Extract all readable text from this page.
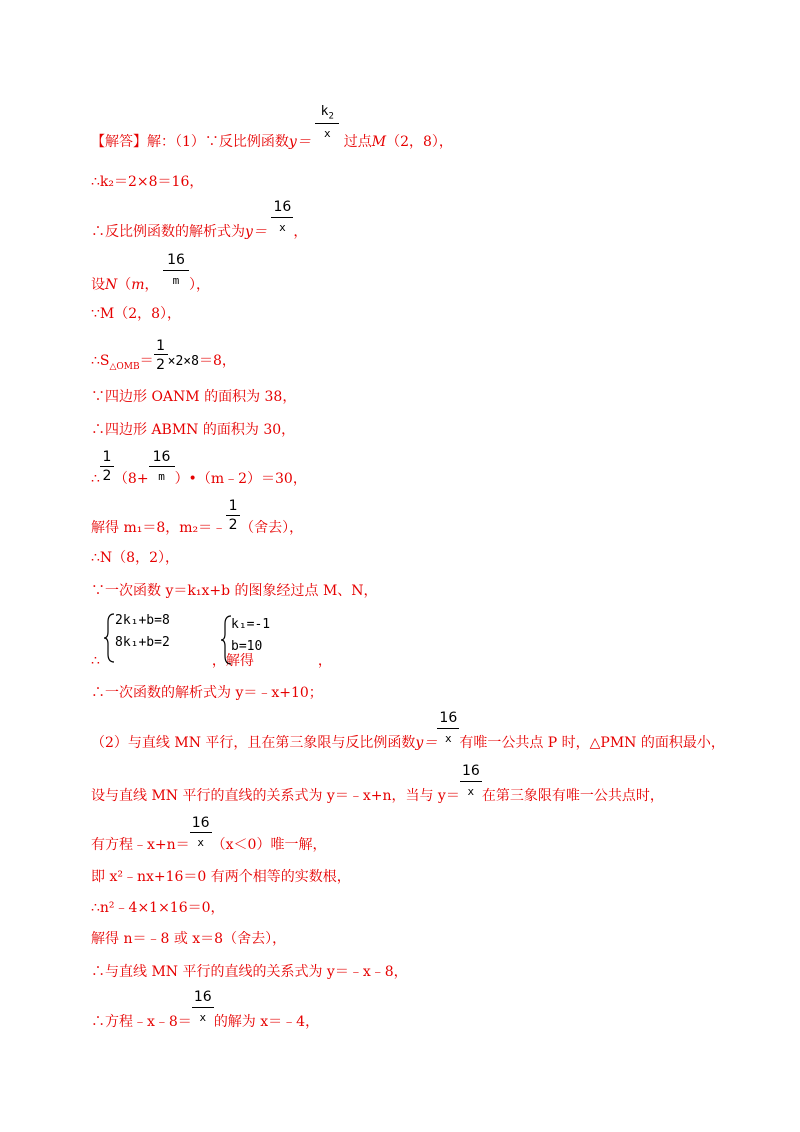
【解答】解：（1）∵反比例函数$y= \frac{k_2}{x}$ 过点M（2，8），
∴k₂＝2×8＝16，
∴反比例函数的解析式为$y= \frac{16}{x}$ ，
设N（m， $\frac{16}{m}$ ），
∵M（2，8），
$\therefore S_{\triangle OMB}= \frac{1}{2} \times 2\times 8=8$，
∵四边形 OANM 的面积为 38，
∴四边形 ABMN 的面积为 30，
∴ $\frac{1}{2} (8+ \frac{16}{m}$ ）•（m﹣2）＝30，
解得 m₁＝8，m₂＝﹣ $\frac{1}{2}$ （舍去），
∴N（8，2），
∵一次函数 y＝k₁x+b 的图象经过点 M、N，
∴	，解得	，
2k₁+b=8
8k₁+b=2
k₁=-1
b=10
∴一次函数的解析式为 y＝﹣x+10；
（2）与直线 MN 平行，且在第三象限与反比例函数$y= \frac{16}{x}$ 有唯一公共点 P 时，△PMN 的面积最小，
设与直线 MN 平行的直线的关系式为 y＝﹣x+n，当与 $y= \frac{16}{x}$ 在第三象限有唯一公共点时，
有方程﹣x+n＝ $\frac{16}{x} (x<0)$唯一解，
即 x²﹣nx+16＝0 有两个相等的实数根，
∴n²﹣4×1×16＝0，
解得 n＝﹣8 或 x＝8（舍去），
∴与直线 MN 平行的直线的关系式为 y＝﹣x﹣8，
∴方程﹣x﹣8＝ $\frac{16}{x}$ 的解为 x＝﹣4，
